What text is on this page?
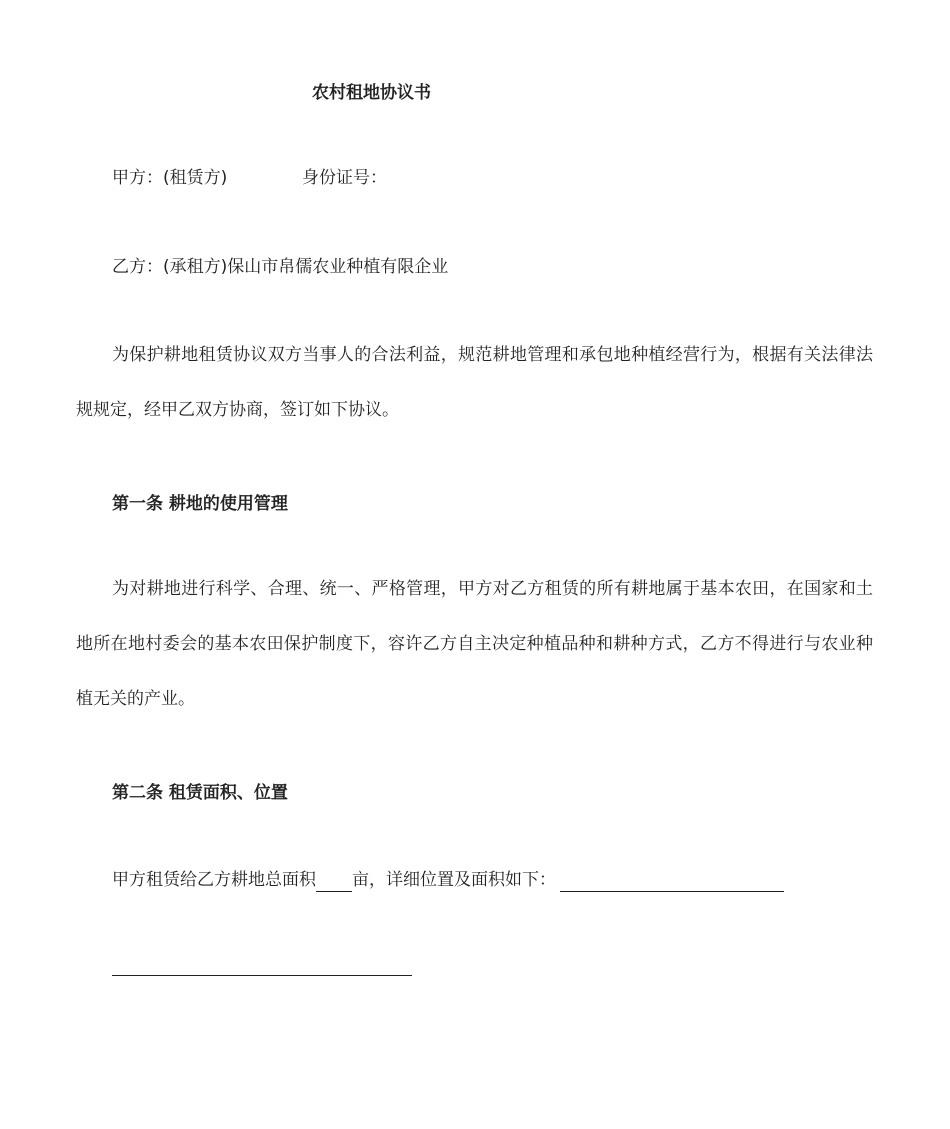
农村租地协议书
甲方：(租赁方)	身份证号：
乙方：(承租方)保山市帛儒农业种植有限企业
为保护耕地租赁协议双方当事人的合法利益，规范耕地管理和承包地种植经营行为，根据有关法律法规规定，经甲乙双方协商，签订如下协议。
第一条 耕地的使用管理
为对耕地进行科学、合理、统一、严格管理，甲方对乙方租赁的所有耕地属于基本农田，在国家和土地所在地村委会的基本农田保护制度下，容许乙方自主决定种植品种和耕种方式，乙方不得进行与农业种植无关的产业。
第二条 租赁面积、位置
甲方租赁给乙方耕地总面积 亩，详细位置及面积如下：
